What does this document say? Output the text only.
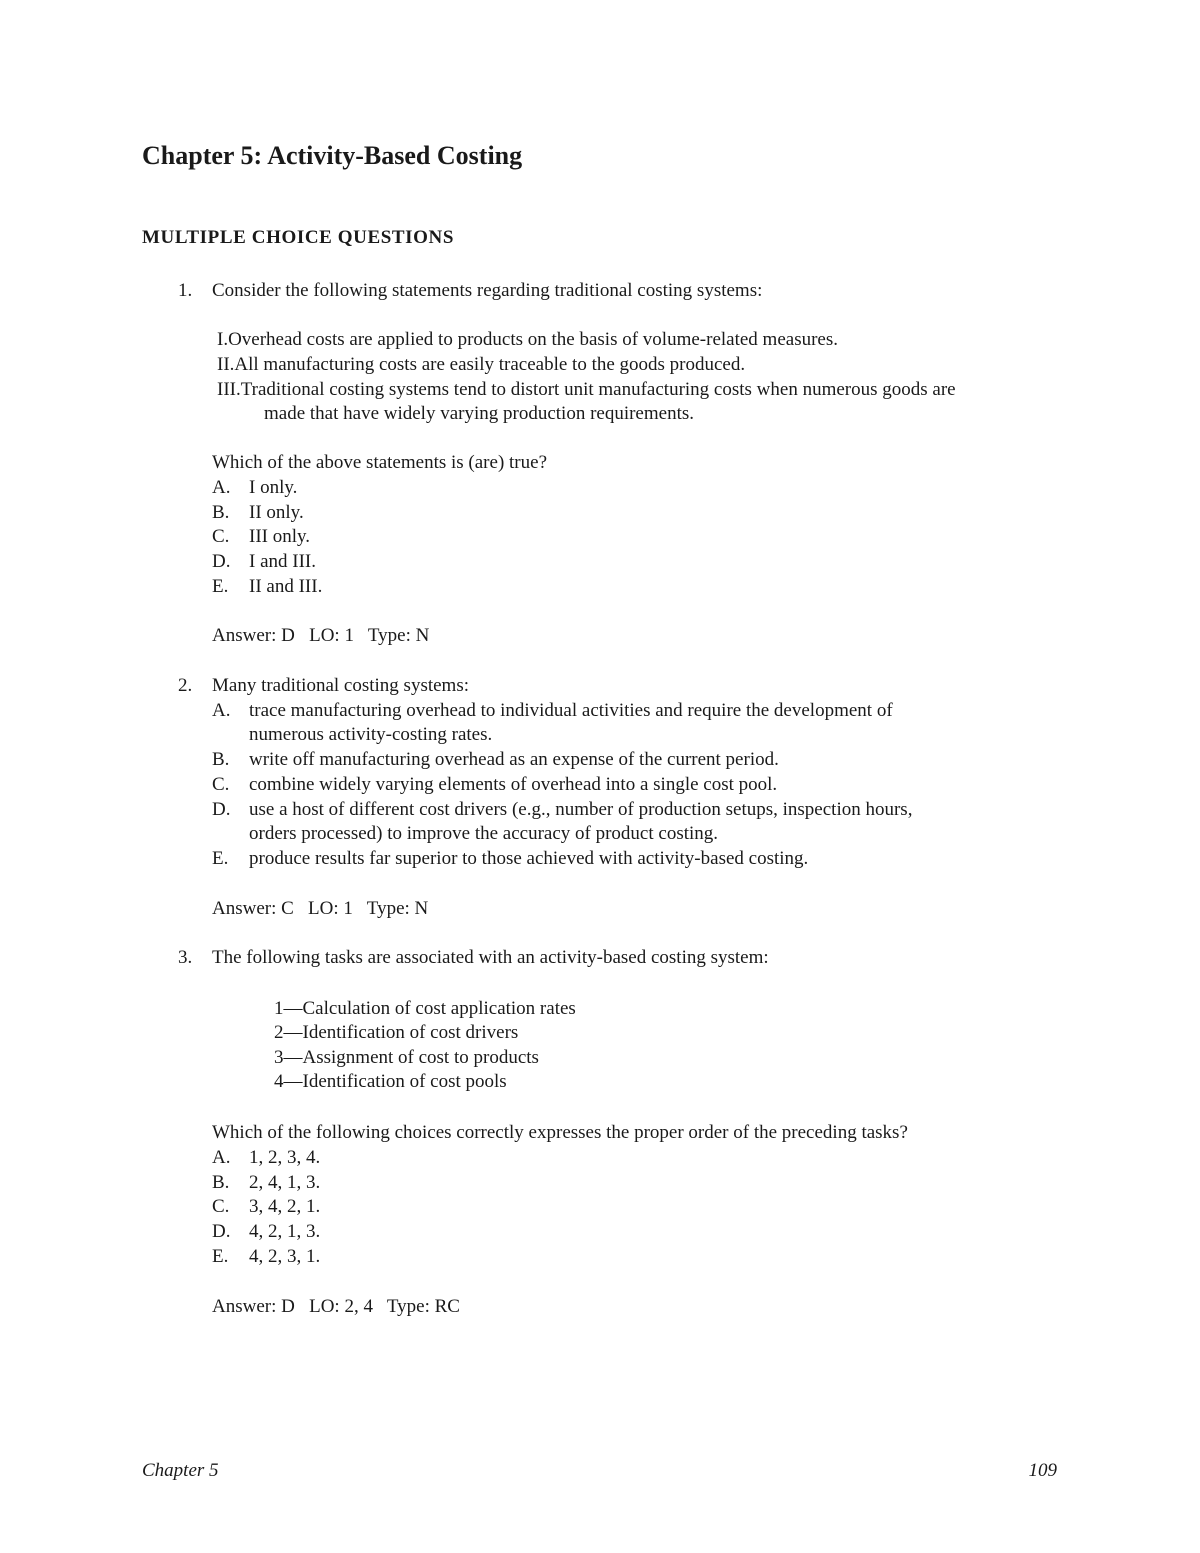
Chapter 5: Activity-Based Costing
MULTIPLE CHOICE QUESTIONS
1. Consider the following statements regarding traditional costing systems:
I.Overhead costs are applied to products on the basis of volume-related measures.
II.All manufacturing costs are easily traceable to the goods produced.
III.Traditional costing systems tend to distort unit manufacturing costs when numerous goods are
made that have widely varying production requirements.
Which of the above statements is (are) true?
A. I only.
B. II only.
C. III only.
D. I and III.
E. II and III.
Answer: D   LO: 1   Type: N
2. Many traditional costing systems:
A. trace manufacturing overhead to individual activities and require the development of
numerous activity-costing rates.
B. write off manufacturing overhead as an expense of the current period.
C. combine widely varying elements of overhead into a single cost pool.
D. use a host of different cost drivers (e.g., number of production setups, inspection hours,
orders processed) to improve the accuracy of product costing.
E. produce results far superior to those achieved with activity-based costing.
Answer: C   LO: 1   Type: N
3. The following tasks are associated with an activity-based costing system:
1—Calculation of cost application rates
2—Identification of cost drivers
3—Assignment of cost to products
4—Identification of cost pools
Which of the following choices correctly expresses the proper order of the preceding tasks?
A. 1, 2, 3, 4.
B. 2, 4, 1, 3.
C. 3, 4, 2, 1.
D. 4, 2, 1, 3.
E. 4, 2, 3, 1.
Answer: D   LO: 2, 4   Type: RC
Chapter 5	109
